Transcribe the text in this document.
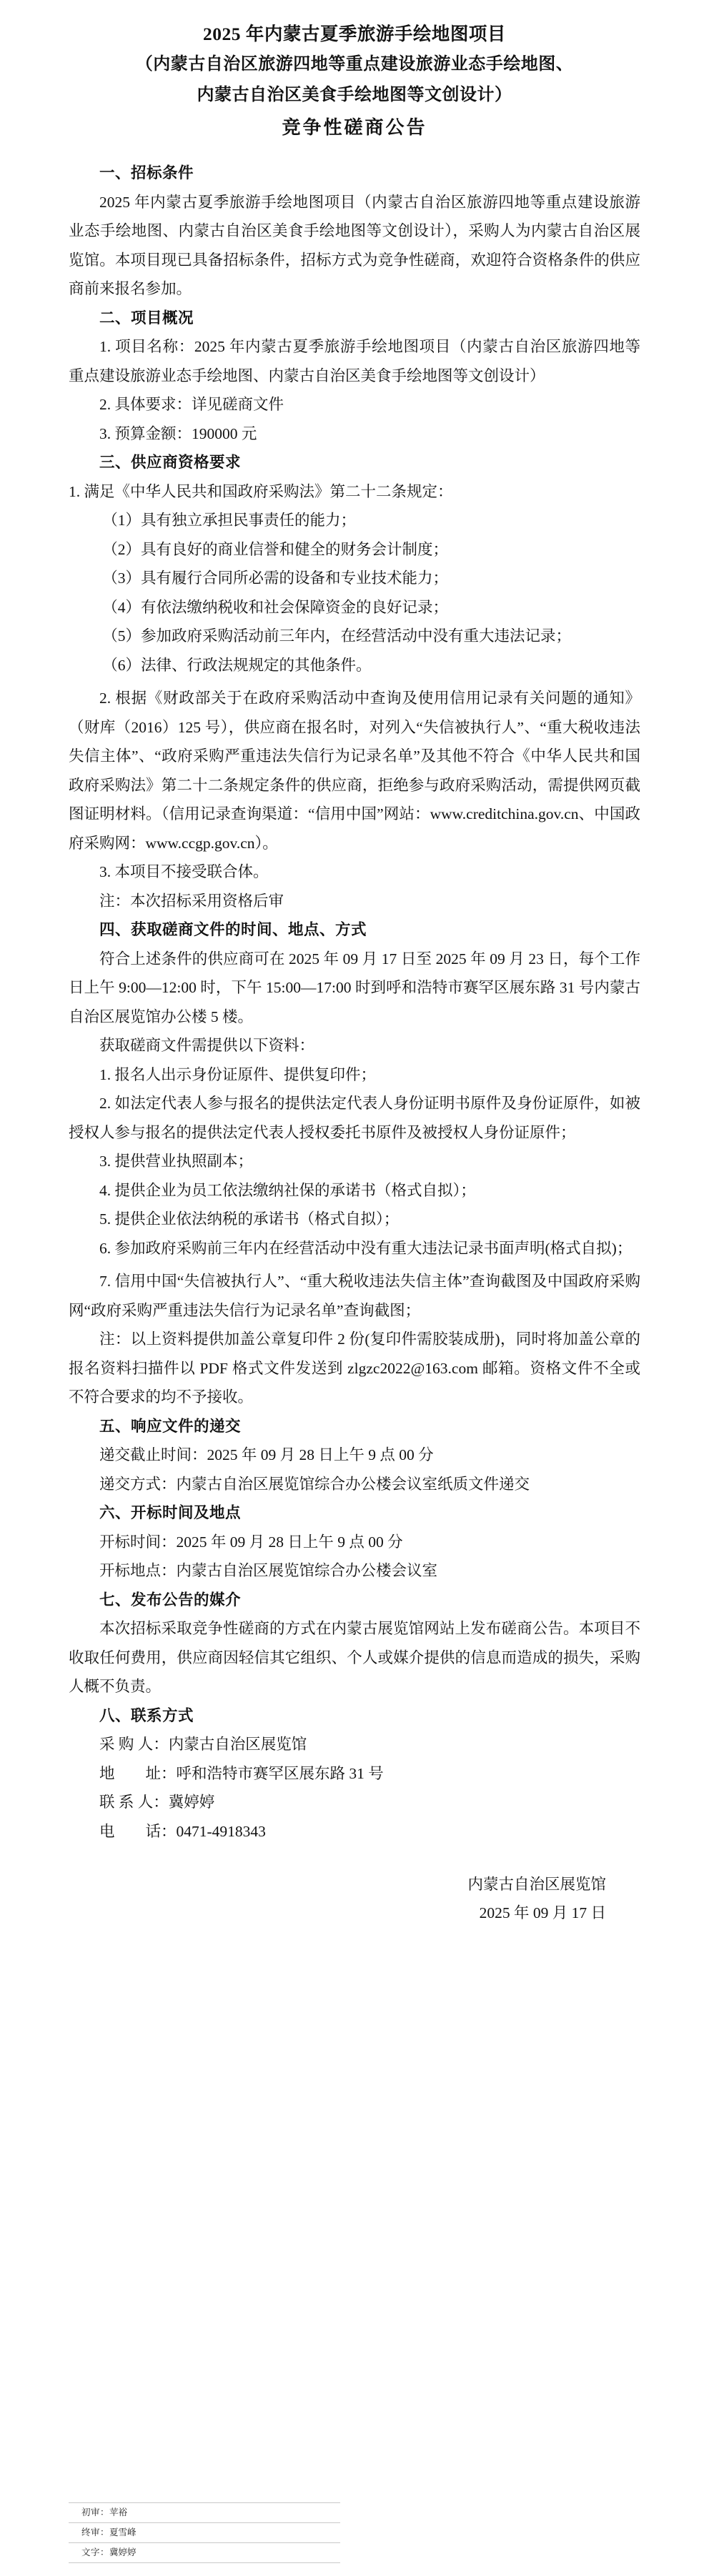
2025 年内蒙古夏季旅游手绘地图项目
（内蒙古自治区旅游四地等重点建设旅游业态手绘地图、
内蒙古自治区美食手绘地图等文创设计）
竞争性磋商公告
一、招标条件

2025 年内蒙古夏季旅游手绘地图项目（内蒙古自治区旅游四地等重点建设旅游业态手绘地图、内蒙古自治区美食手绘地图等文创设计），采购人为内蒙古自治区展览馆。本项目现已具备招标条件，招标方式为竞争性磋商，欢迎符合资格条件的供应商前来报名参加。

二、项目概况

1. 项目名称：2025 年内蒙古夏季旅游手绘地图项目（内蒙古自治区旅游四地等重点建设旅游业态手绘地图、内蒙古自治区美食手绘地图等文创设计）

2. 具体要求：详见磋商文件

3. 预算金额：190000 元

三、供应商资格要求

1. 满足《中华人民共和国政府采购法》第二十二条规定：

（1）具有独立承担民事责任的能力；

（2）具有良好的商业信誉和健全的财务会计制度；

（3）具有履行合同所必需的设备和专业技术能力；

（4）有依法缴纳税收和社会保障资金的良好记录；

（5）参加政府采购活动前三年内，在经营活动中没有重大违法记录；

（6）法律、行政法规规定的其他条件。

2. 根据《财政部关于在政府采购活动中查询及使用信用记录有关问题的通知》（财库（2016）125 号），供应商在报名时，对列入“失信被执行人”、“重大税收违法失信主体”、“政府采购严重违法失信行为记录名单”及其他不符合《中华人民共和国政府采购法》第二十二条规定条件的供应商，拒绝参与政府采购活动，需提供网页截图证明材料。（信用记录查询渠道：“信用中国”网站：www.creditchina.gov.cn、中国政府采购网：www.ccgp.gov.cn）。

3. 本项目不接受联合体。

注：本次招标采用资格后审

四、获取磋商文件的时间、地点、方式

符合上述条件的供应商可在 2025 年 09 月 17 日至 2025 年 09 月 23 日，每个工作日上午 9:00—12:00 时，下午 15:00—17:00 时到呼和浩特市赛罕区展东路 31 号内蒙古自治区展览馆办公楼 5 楼。

获取磋商文件需提供以下资料：

1. 报名人出示身份证原件、提供复印件；

2. 如法定代表人参与报名的提供法定代表人身份证明书原件及身份证原件，如被授权人参与报名的提供法定代表人授权委托书原件及被授权人身份证原件；

3. 提供营业执照副本；

4. 提供企业为员工依法缴纳社保的承诺书（格式自拟）；

5. 提供企业依法纳税的承诺书（格式自拟）；

6. 参加政府采购前三年内在经营活动中没有重大违法记录书面声明(格式自拟)；

7. 信用中国“失信被执行人”、“重大税收违法失信主体”查询截图及中国政府采购网“政府采购严重违法失信行为记录名单”查询截图；

注：以上资料提供加盖公章复印件 2 份(复印件需胶装成册)，同时将加盖公章的报名资料扫描件以 PDF 格式文件发送到 zlgzc2022@163.com 邮箱。资格文件不全或不符合要求的均不予接收。

五、响应文件的递交

递交截止时间：2025 年 09 月 28 日上午 9 点 00 分

递交方式：内蒙古自治区展览馆综合办公楼会议室纸质文件递交

六、开标时间及地点

开标时间：2025 年 09 月 28 日上午 9 点 00 分

开标地点：内蒙古自治区展览馆综合办公楼会议室

七、发布公告的媒介

本次招标采取竞争性磋商的方式在内蒙古展览馆网站上发布磋商公告。本项目不收取任何费用，供应商因轻信其它组织、个人或媒介提供的信息而造成的损失，采购人概不负责。

八、联系方式

采 购 人：内蒙古自治区展览馆

地　　址：呼和浩特市赛罕区展东路 31 号

联 系 人：冀婷婷

电　　话：0471-4918343

内蒙古自治区展览馆
2025 年 09 月 17 日
初审：苹裕
终审：夏雪峰
文字：冀婷婷
